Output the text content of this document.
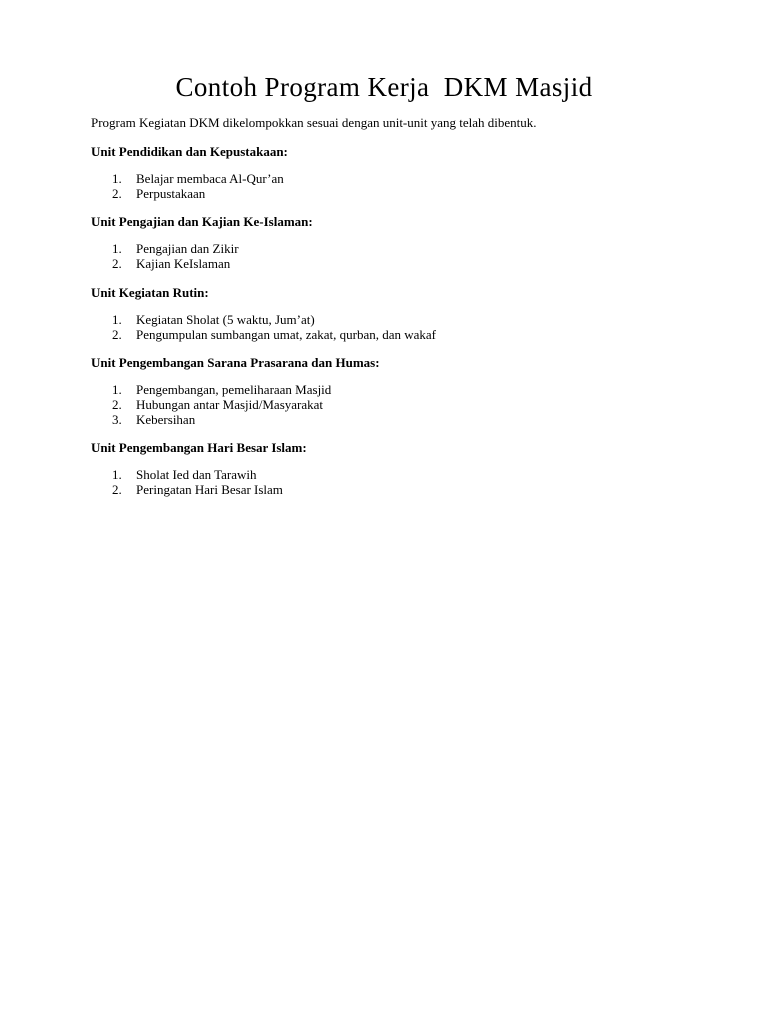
Contoh Program Kerja  DKM Masjid

Program Kegiatan DKM dikelompokkan sesuai dengan unit-unit yang telah dibentuk.

Unit Pendidikan dan Kepustakaan:

1. Belajar membaca Al-Qur’an
2. Perpustakaan

Unit Pengajian dan Kajian Ke-Islaman:

1. Pengajian dan Zikir
2. Kajian KeIslaman

Unit Kegiatan Rutin:

1. Kegiatan Sholat (5 waktu, Jum’at)
2. Pengumpulan sumbangan umat, zakat, qurban, dan wakaf

Unit Pengembangan Sarana Prasarana dan Humas:

1. Pengembangan, pemeliharaan Masjid
2. Hubungan antar Masjid/Masyarakat
3. Kebersihan

Unit Pengembangan Hari Besar Islam:

1. Sholat Ied dan Tarawih
2. Peringatan Hari Besar Islam
